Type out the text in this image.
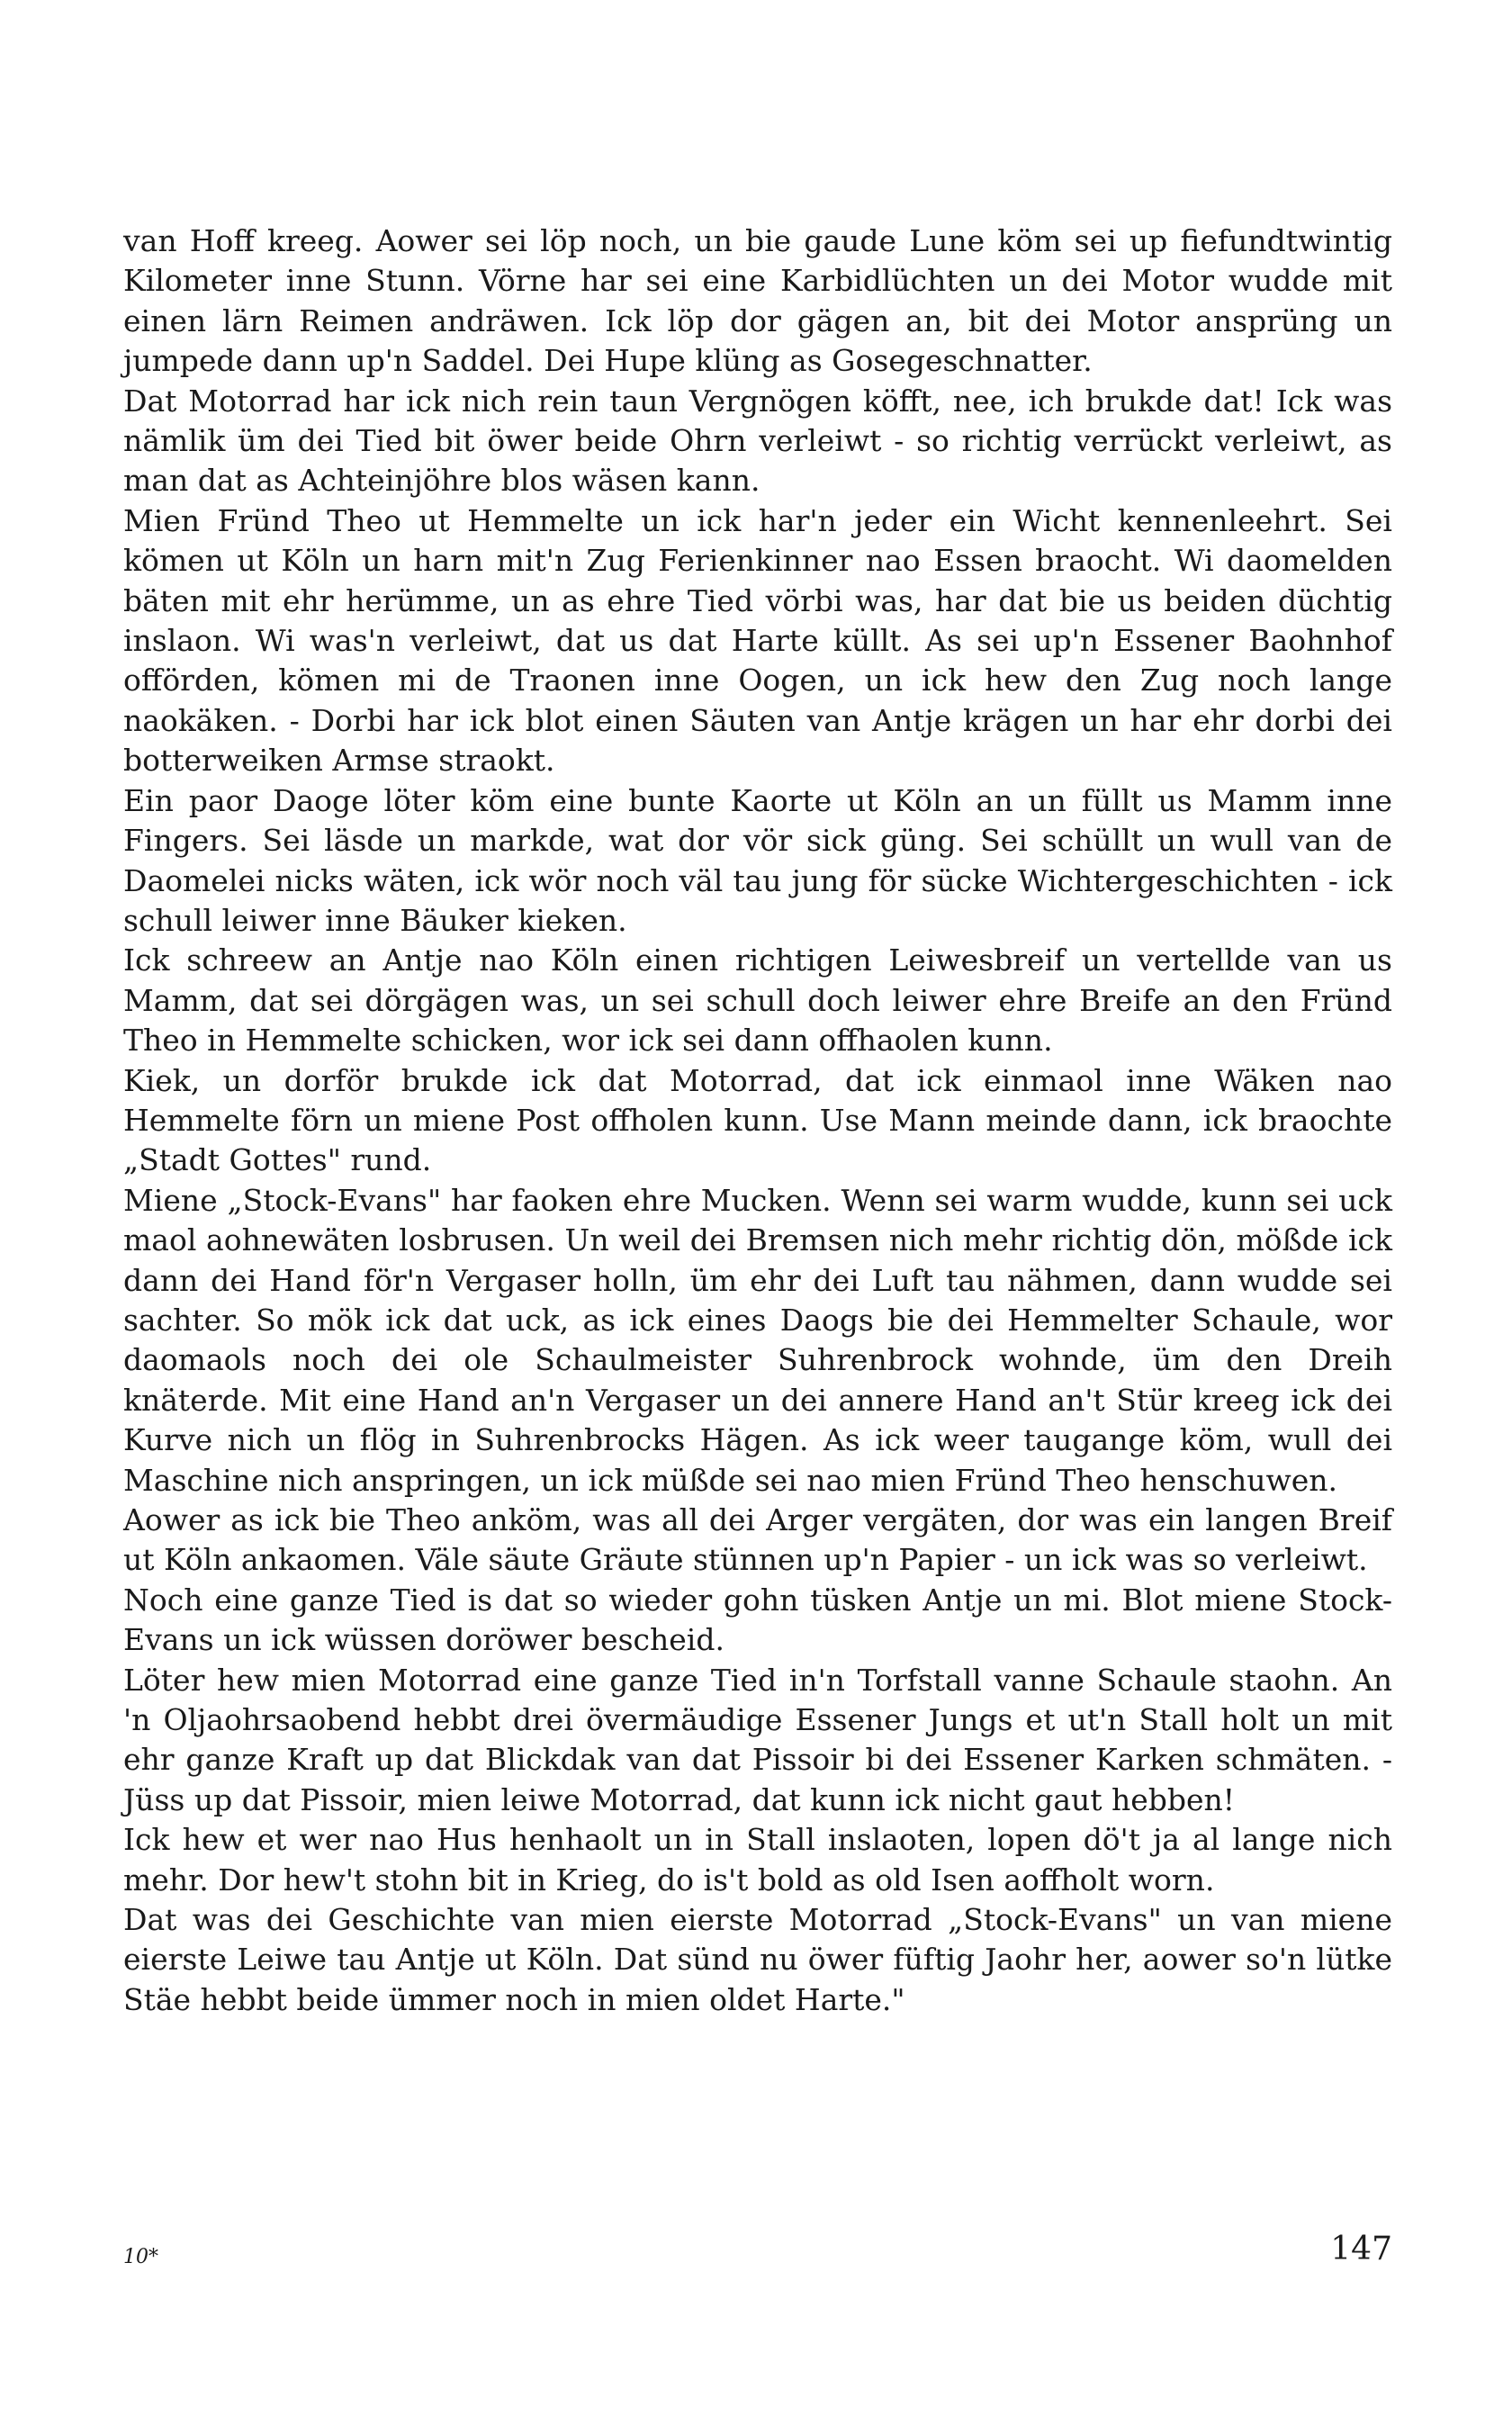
van Hoff kreeg. Aower sei löp noch, un bie gaude Lune köm sei up fiefundtwintig Kilometer inne Stunn. Vörne har sei eine Karbidlüchten un dei Motor wudde mit einen lärn Reimen andräwen. Ick löp dor gägen an, bit dei Motor ansprüng un jumpede dann up'n Saddel. Dei Hupe klüng as Gosegeschnatter.

Dat Motorrad har ick nich rein taun Vergnögen köfft, nee, ich brukde dat! Ick was nämlik üm dei Tied bit öwer beide Ohrn verleiwt - so richtig verrückt verleiwt, as man dat as Achteinjöhre blos wäsen kann.

Mien Fründ Theo ut Hemmelte un ick har'n jeder ein Wicht kennenleehrt. Sei kömen ut Köln un harn mit'n Zug Ferienkinner nao Essen braocht. Wi daomelden bäten mit ehr herümme, un as ehre Tied vörbi was, har dat bie us beiden düchtig inslaon. Wi was'n verleiwt, dat us dat Harte küllt. As sei up'n Essener Baohnhof offörden, kömen mi de Traonen inne Oogen, un ick hew den Zug noch lange naokäken. - Dorbi har ick blot einen Säuten van Antje krägen un har ehr dorbi dei botterweiken Armse straokt.

Ein paor Daoge löter köm eine bunte Kaorte ut Köln an un füllt us Mamm inne Fingers. Sei läsde un markde, wat dor vör sick güng. Sei schüllt un wull van de Daomelei nicks wäten, ick wör noch väl tau jung för sücke Wichtergeschichten - ick schull leiwer inne Bäuker kieken.

Ick schreew an Antje nao Köln einen richtigen Leiwesbreif un vertellde van us Mamm, dat sei dörgägen was, un sei schull doch leiwer ehre Breife an den Fründ Theo in Hemmelte schicken, wor ick sei dann offhaolen kunn.

Kiek, un dorför brukde ick dat Motorrad, dat ick einmaol inne Wäken nao Hemmelte förn un miene Post offholen kunn. Use Mann meinde dann, ick braochte „Stadt Gottes" rund.

Miene „Stock-Evans" har faoken ehre Mucken. Wenn sei warm wudde, kunn sei uck maol aohnewäten losbrusen. Un weil dei Bremsen nich mehr richtig dön, mößde ick dann dei Hand för'n Vergaser holln, üm ehr dei Luft tau nähmen, dann wudde sei sachter. So mök ick dat uck, as ick eines Daogs bie dei Hemmelter Schaule, wor daomaols noch dei ole Schaulmeister Suhrenbrock wohnde, üm den Dreih knäterde. Mit eine Hand an'n Vergaser un dei annere Hand an't Stür kreeg ick dei Kurve nich un flög in Suhrenbrocks Hägen. As ick weer taugange köm, wull dei Maschine nich anspringen, un ick müßde sei nao mien Fründ Theo henschuwen.

Aower as ick bie Theo anköm, was all dei Arger vergäten, dor was ein langen Breif ut Köln ankaomen. Väle säute Gräute stünnen up'n Papier - un ick was so verleiwt.

Noch eine ganze Tied is dat so wieder gohn tüsken Antje un mi. Blot miene Stock-Evans un ick wüssen doröwer bescheid.

Löter hew mien Motorrad eine ganze Tied in'n Torfstall vanne Schaule staohn. An 'n Oljaohrsaobend hebbt drei övermäudige Essener Jungs et ut'n Stall holt un mit ehr ganze Kraft up dat Blickdak van dat Pissoir bi dei Essener Karken schmäten. - Jüss up dat Pissoir, mien leiwe Motorrad, dat kunn ick nicht gaut hebben!

Ick hew et wer nao Hus henhaolt un in Stall inslaoten, lopen dö't ja al lange nich mehr. Dor hew't stohn bit in Krieg, do is't bold as old Isen aoffholt worn.

Dat was dei Geschichte van mien eierste Motorrad „Stock-Evans" un van miene eierste Leiwe tau Antje ut Köln. Dat sünd nu öwer füftig Jaohr her, aower so'n lütke Stäe hebbt beide ümmer noch in mien oldet Harte."

10*	147
